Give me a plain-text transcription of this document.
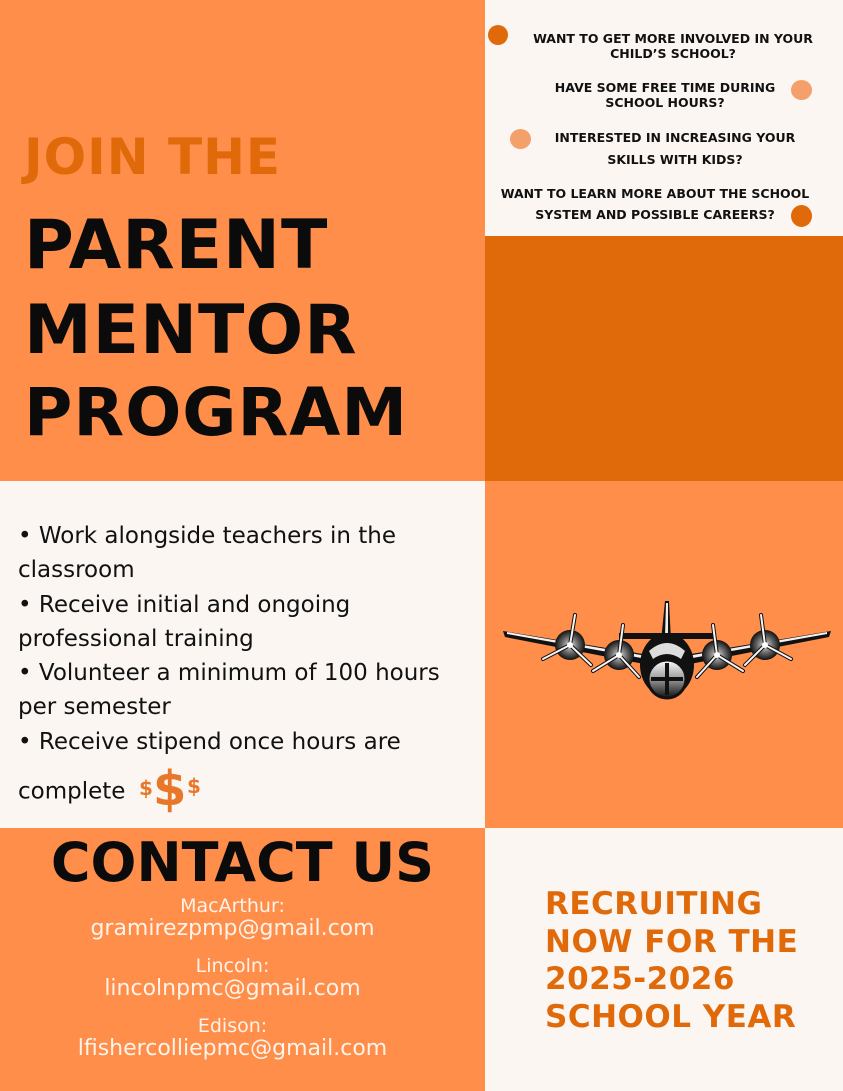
JOIN THE
PARENT
MENTOR
PROGRAM
WANT TO GET MORE INVOLVED IN YOUR
CHILD’S SCHOOL?
HAVE SOME FREE TIME DURING
SCHOOL HOURS?
INTERESTED IN INCREASING YOUR
SKILLS WITH KIDS?
WANT TO LEARN MORE ABOUT THE SCHOOL
SYSTEM AND POSSIBLE CAREERS?
• Work alongside teachers in the classroom
• Receive initial and ongoing professional training
• Volunteer a minimum of 100 hours per semester
• Receive stipend once hours are complete $ $ $
CONTACT US
MacArthur:
gramirezpmp@gmail.com
Lincoln:
lincolnpmc@gmail.com
Edison:
lfishercolliepmc@gmail.com
RECRUITING
NOW FOR THE
2025-2026
SCHOOL YEAR
